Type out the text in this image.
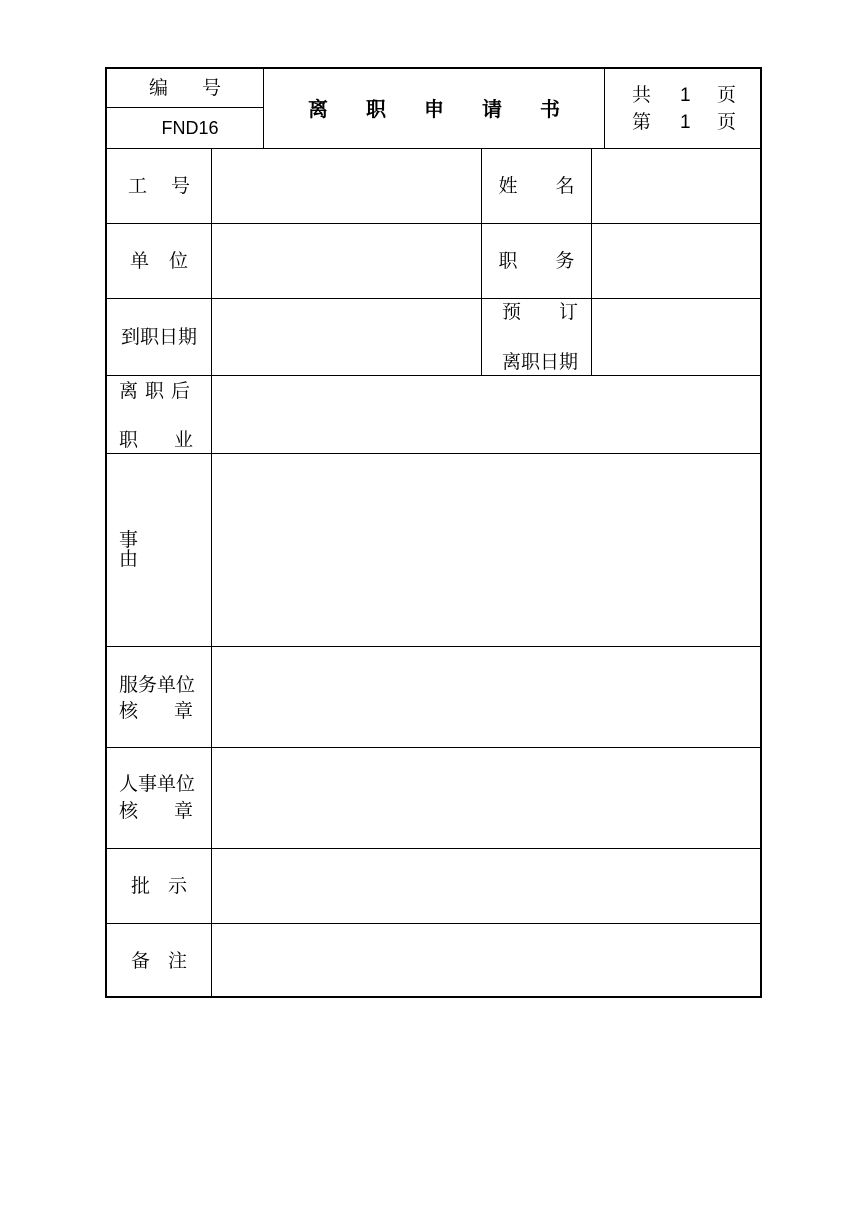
编号
FND16
离职申请书
共 1 页
第 1 页
工号	姓名
单位	职务
到职日期
预 订
离职日期
离职后
职 业
事由
服务单位
核 章
人事单位
核 章
批示
备注
